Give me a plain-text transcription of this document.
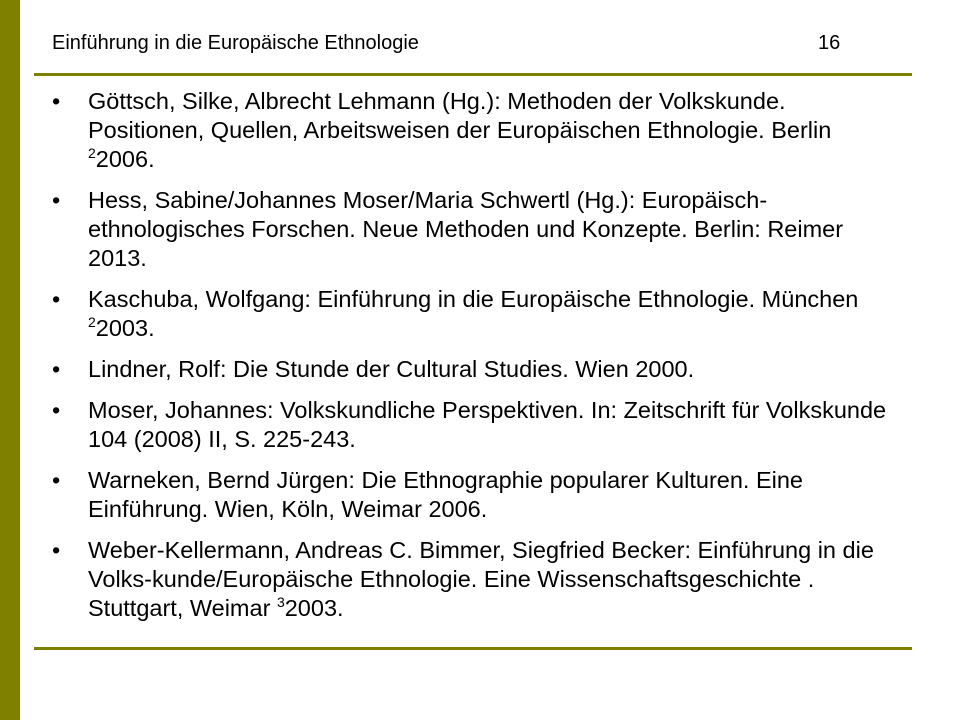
Einführung in die Europäische Ethnologie	16
• Göttsch, Silke, Albrecht Lehmann (Hg.): Methoden der Volkskunde. Positionen, Quellen, Arbeitsweisen der Europäischen Ethnologie. Berlin $^2$2006.
• Hess, Sabine/Johannes Moser/Maria Schwertl (Hg.): Europäisch-ethnologisches Forschen. Neue Methoden und Konzepte. Berlin: Reimer 2013.
• Kaschuba, Wolfgang: Einführung in die Europäische Ethnologie. München $^2$2003.
• Lindner, Rolf: Die Stunde der Cultural Studies. Wien 2000.
• Moser, Johannes: Volkskundliche Perspektiven. In: Zeitschrift für Volkskunde 104 (2008) II, S. 225-243.
• Warneken, Bernd Jürgen: Die Ethnographie popularer Kulturen. Eine Einführung. Wien, Köln, Weimar 2006.
• Weber-Kellermann, Andreas C. Bimmer, Siegfried Becker: Einführung in die Volks-kunde/Europäische Ethnologie. Eine Wissenschaftsgeschichte . Stuttgart, Weimar $^3$2003.
